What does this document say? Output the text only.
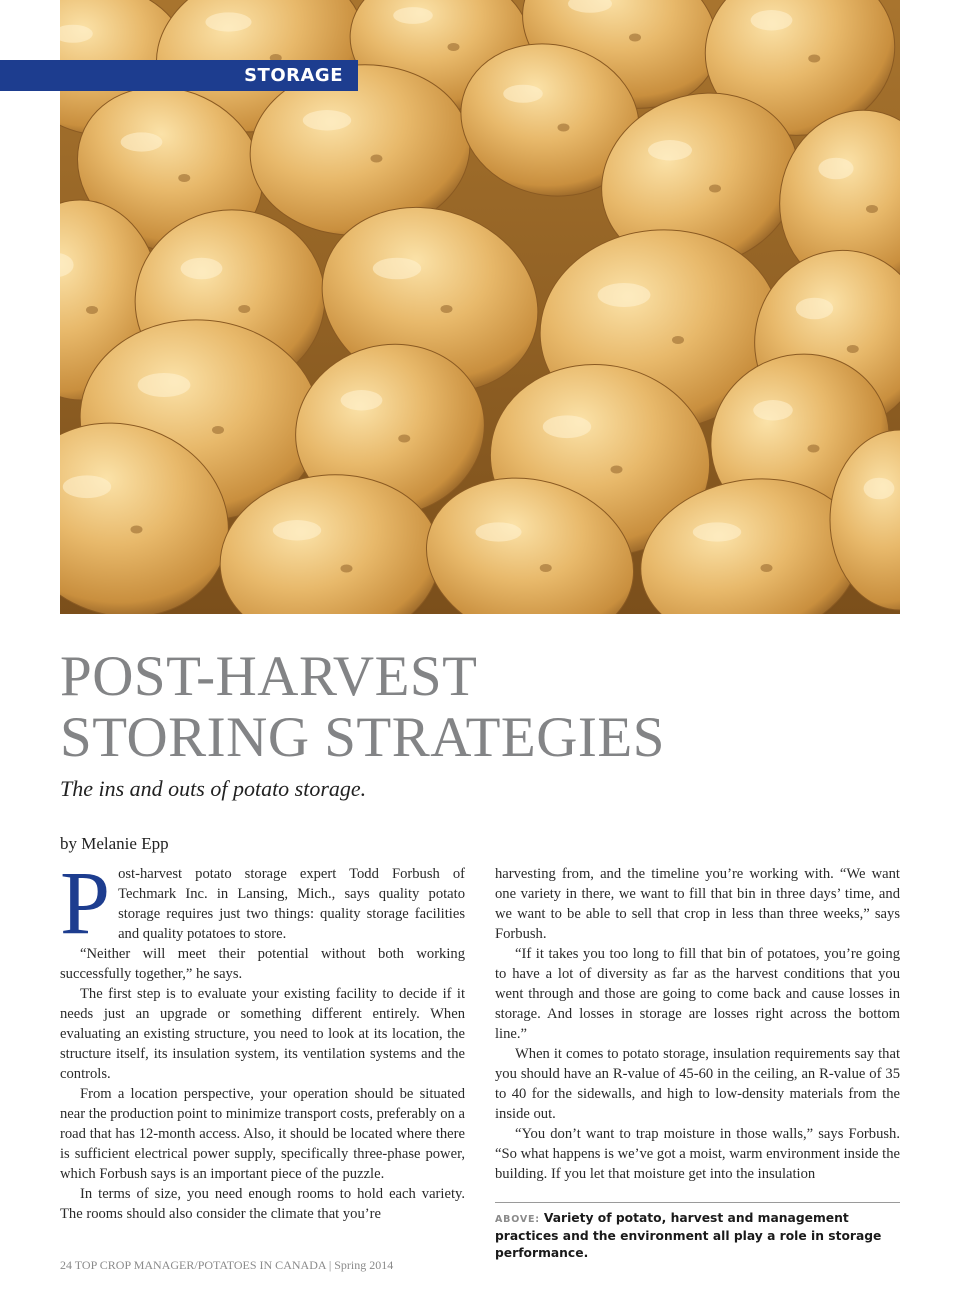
STORAGE
POST-HARVEST
STORING STRATEGIES

The ins and outs of potato storage.

by Melanie Epp

Post-harvest potato storage expert Todd Forbush of Techmark Inc. in Lansing, Mich., says quality potato storage requires just two things: quality storage facilities and quality potatoes to store.

“Neither will meet their potential without both working successfully together,” he says.

The first step is to evaluate your existing facility to decide if it needs just an upgrade or something different entirely. When evaluating an existing structure, you need to look at its location, the structure itself, its insulation system, its ventilation systems and the controls.

From a location perspective, your operation should be situated near the production point to minimize transport costs, preferably on a road that has 12-month access. Also, it should be located where there is sufficient electrical power supply, specifically three-phase power, which Forbush says is an important piece of the puzzle.

In terms of size, you need enough rooms to hold each variety. The rooms should also consider the climate that you’re

harvesting from, and the timeline you’re working with. “We want one variety in there, we want to fill that bin in three days’ time, and we want to be able to sell that crop in less than three weeks,” says Forbush.

“If it takes you too long to fill that bin of potatoes, you’re going to have a lot of diversity as far as the harvest conditions that you went through and those are going to come back and cause losses in storage. And losses in storage are losses right across the bottom line.”

When it comes to potato storage, insulation requirements say that you should have an R-value of 45-60 in the ceiling, an R-value of 35 to 40 for the sidewalls, and high to low-density materials from the inside out.

“You don’t want to trap moisture in those walls,” says Forbush. “So what happens is we’ve got a moist, warm environment inside the building. If you let that moisture get into the insulation

ABOVE: Variety of potato, harvest and management practices and the environment all play a role in storage performance.
24 TOP CROP MANAGER/POTATOES IN CANADA | Spring 2014
